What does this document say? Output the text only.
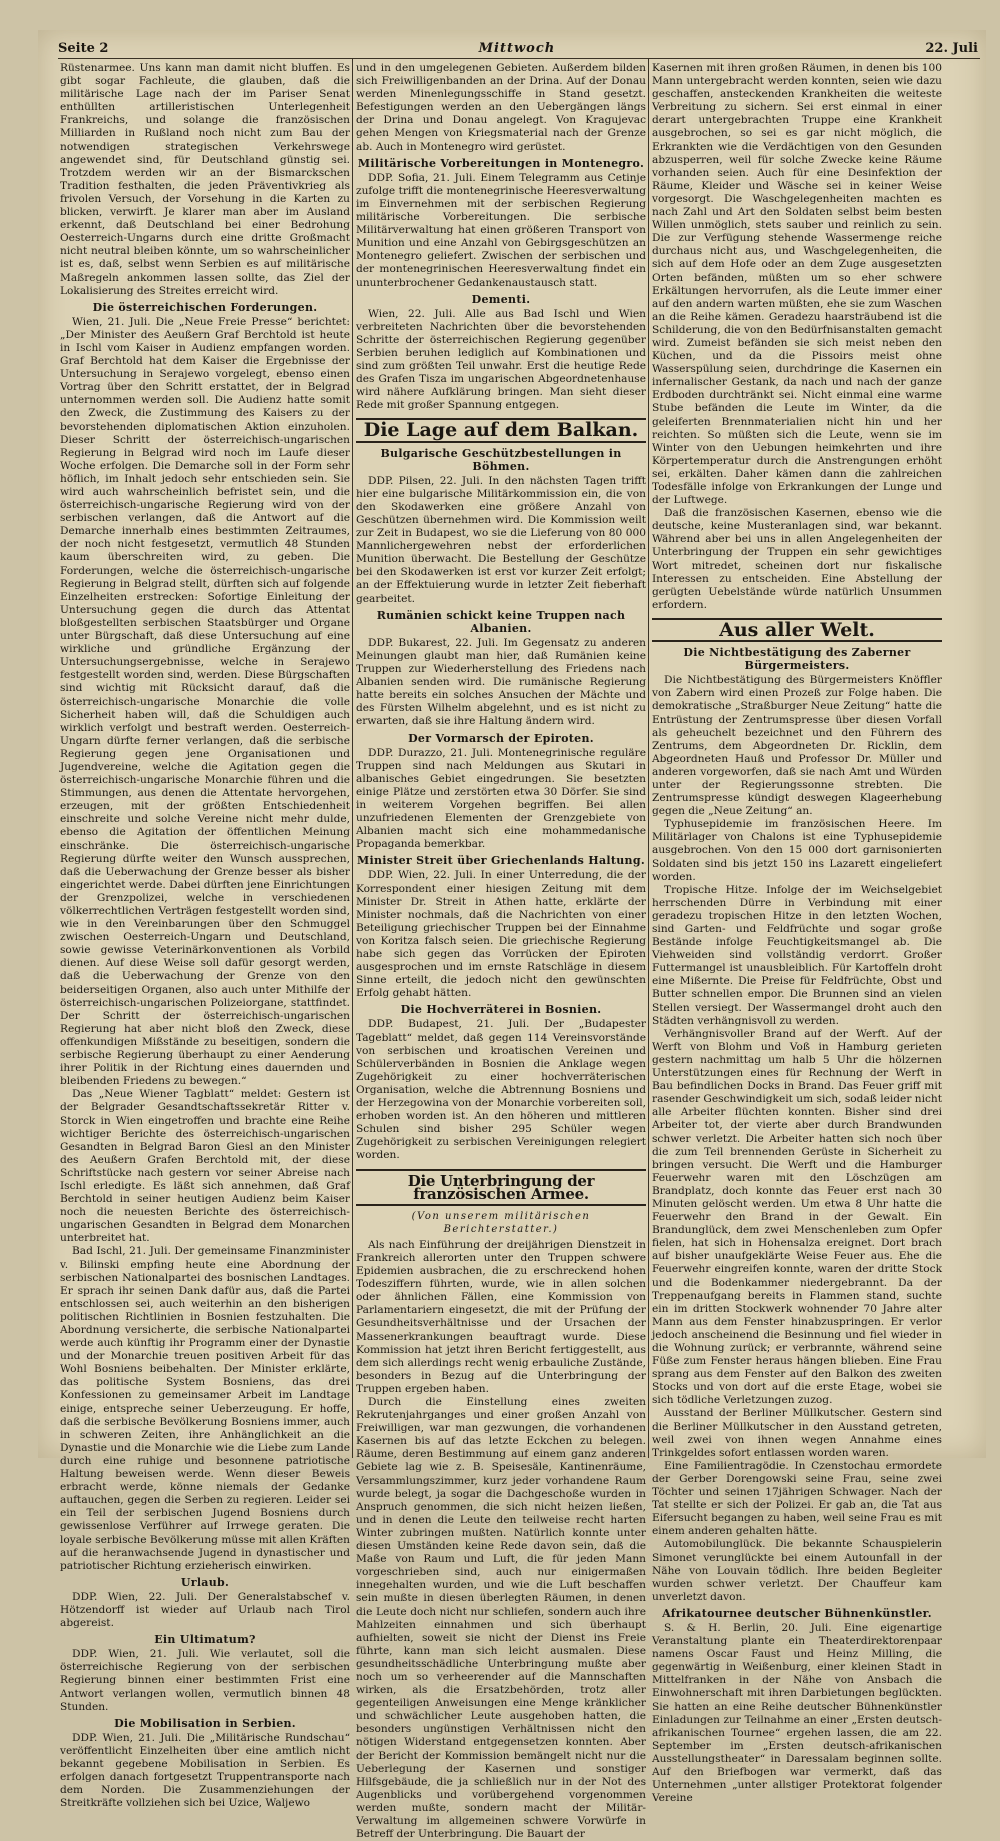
Seite 2	Mittwoch	22. Juli

Rüstenarmee. Uns kann man damit nicht bluffen. Es gibt sogar Fachleute, die glauben, daß die militärische Lage nach der im Pariser Senat enthüllten artilleristischen Unterlegenheit Frankreichs, und solange die französischen Milliarden in Rußland noch nicht zum Bau der notwendigen strategischen Verkehrswege angewendet sind, für Deutschland günstig sei. Trotzdem werden wir an der Bismarckschen Tradition festhalten, die jeden Präventivkrieg als frivolen Versuch, der Vorsehung in die Karten zu blicken, verwirft. Je klarer man aber im Ausland erkennt, daß Deutschland bei einer Bedrohung Oesterreich-Ungarns durch eine dritte Großmacht nicht neutral bleiben könnte, um so wahrscheinlicher ist es, daß, selbst wenn Serbien es auf militärische Maßregeln ankommen lassen sollte, das Ziel der Lokalisierung des Streites erreicht wird.

Die österreichischen Forderungen.

Wien, 21. Juli. Die „Neue Freie Presse“ berichtet: „Der Minister des Aeußern Graf Berchtold ist heute in Ischl vom Kaiser in Audienz empfangen worden. Graf Berchtold hat dem Kaiser die Ergebnisse der Untersuchung in Serajewo vorgelegt, ebenso einen Vortrag über den Schritt erstattet, der in Belgrad unternommen werden soll. Die Audienz hatte somit den Zweck, die Zustimmung des Kaisers zu der bevorstehenden diplomatischen Aktion einzuholen. Dieser Schritt der österreichisch-ungarischen Regierung in Belgrad wird noch im Laufe dieser Woche erfolgen. Die Demarche soll in der Form sehr höflich, im Inhalt jedoch sehr entschieden sein. Sie wird auch wahrscheinlich befristet sein, und die österreichisch-ungarische Regierung wird von der serbischen verlangen, daß die Antwort auf die Demarche innerhalb eines bestimmten Zeitraumes, der noch nicht festgesetzt, vermutlich 48 Stunden kaum überschreiten wird, zu geben. Die Forderungen, welche die österreichisch-ungarische Regierung in Belgrad stellt, dürften sich auf folgende Einzelheiten erstrecken: Sofortige Einleitung der Untersuchung gegen die durch das Attentat bloßgestellten serbischen Staatsbürger und Organe unter Bürgschaft, daß diese Untersuchung auf eine wirkliche und gründliche Ergänzung der Untersuchungsergebnisse, welche in Serajewo festgestellt worden sind, werden. Diese Bürgschaften sind wichtig mit Rücksicht darauf, daß die österreichisch-ungarische Monarchie die volle Sicherheit haben will, daß die Schuldigen auch wirklich verfolgt und bestraft werden. Oesterreich-Ungarn dürfte ferner verlangen, daß die serbische Regierung gegen jene Organisationen und Jugendvereine, welche die Agitation gegen die österreichisch-ungarische Monarchie führen und die Stimmungen, aus denen die Attentate hervorgehen, erzeugen, mit der größten Entschiedenheit einschreite und solche Vereine nicht mehr dulde, ebenso die Agitation der öffentlichen Meinung einschränke. Die österreichisch-ungarische Regierung dürfte weiter den Wunsch aussprechen, daß die Ueberwachung der Grenze besser als bisher eingerichtet werde. Dabei dürften jene Einrichtungen der Grenzpolizei, welche in verschiedenen völkerrechtlichen Verträgen festgestellt worden sind, wie in den Vereinbarungen über den Schmuggel zwischen Oesterreich-Ungarn und Deutschland, sowie gewisse Veterinärkonventionen als Vorbild dienen. Auf diese Weise soll dafür gesorgt werden, daß die Ueberwachung der Grenze von den beiderseitigen Organen, also auch unter Mithilfe der österreichisch-ungarischen Polizeiorgane, stattfindet. Der Schritt der österreichisch-ungarischen Regierung hat aber nicht bloß den Zweck, diese offenkundigen Mißstände zu beseitigen, sondern die serbische Regierung überhaupt zu einer Aenderung ihrer Politik in der Richtung eines dauernden und bleibenden Friedens zu bewegen.“

Das „Neue Wiener Tagblatt“ meldet: Gestern ist der Belgrader Gesandtschaftssekretär Ritter v. Storck in Wien eingetroffen und brachte eine Reihe wichtiger Berichte des österreichisch-ungarischen Gesandten in Belgrad Baron Giesl an den Minister des Aeußern Grafen Berchtold mit, der diese Schriftstücke nach gestern vor seiner Abreise nach Ischl erledigte. Es läßt sich annehmen, daß Graf Berchtold in seiner heutigen Audienz beim Kaiser noch die neuesten Berichte des österreichisch-ungarischen Gesandten in Belgrad dem Monarchen unterbreitet hat.

Bad Ischl, 21. Juli. Der gemeinsame Finanzminister v. Bilinski empfing heute eine Abordnung der serbischen Nationalpartei des bosnischen Landtages. Er sprach ihr seinen Dank dafür aus, daß die Partei entschlossen sei, auch weiterhin an den bisherigen politischen Richtlinien in Bosnien festzuhalten. Die Abordnung versicherte, die serbische Nationalpartei werde auch künftig ihr Programm einer der Dynastie und der Monarchie treuen positiven Arbeit für das Wohl Bosniens beibehalten. Der Minister erklärte, das politische System Bosniens, das drei Konfessionen zu gemeinsamer Arbeit im Landtage einige, entspreche seiner Ueberzeugung. Er hoffe, daß die serbische Bevölkerung Bosniens immer, auch in schweren Zeiten, ihre Anhänglichkeit an die Dynastie und die Monarchie wie die Liebe zum Lande durch eine ruhige und besonnene patriotische Haltung beweisen werde. Wenn dieser Beweis erbracht werde, könne niemals der Gedanke auftauchen, gegen die Serben zu regieren. Leider sei ein Teil der serbischen Jugend Bosniens durch gewissenlose Verführer auf Irrwege geraten. Die loyale serbische Bevölkerung müsse mit allen Kräften auf die heranwachsende Jugend in dynastischer und patriotischer Richtung erzieherisch einwirken.

Urlaub.

DDP. Wien, 22. Juli. Der Generalstabschef v. Hötzendorff ist wieder auf Urlaub nach Tirol abgereist.

Ein Ultimatum?

DDP. Wien, 21. Juli. Wie verlautet, soll die österreichische Regierung von der serbischen Regierung binnen einer bestimmten Frist eine Antwort verlangen wollen, vermutlich binnen 48 Stunden.

Die Mobilisation in Serbien.

DDP. Wien, 21. Juli. Die „Militärische Rundschau“ veröffentlicht Einzelheiten über eine amtlich nicht bekannt gegebene Mobilisation in Serbien. Es erfolgen danach fortgesetzt Truppentransporte nach dem Norden. Die Zusammenziehungen der Streitkräfte vollziehen sich bei Uzice, Waljewo

und in den umgelegenen Gebieten. Außerdem bilden sich Freiwilligenbanden an der Drina. Auf der Donau werden Minenlegungsschiffe in Stand gesetzt. Befestigungen werden an den Uebergängen längs der Drina und Donau angelegt. Von Kragujevac gehen Mengen von Kriegsmaterial nach der Grenze ab. Auch in Montenegro wird gerüstet.

Militärische Vorbereitungen in Montenegro.

DDP. Sofia, 21. Juli. Einem Telegramm aus Cetinje zufolge trifft die montenegrinische Heeresverwaltung im Einvernehmen mit der serbischen Regierung militärische Vorbereitungen. Die serbische Militärverwaltung hat einen größeren Transport von Munition und eine Anzahl von Gebirgsgeschützen an Montenegro geliefert. Zwischen der serbischen und der montenegrinischen Heeresverwaltung findet ein ununterbrochener Gedankenaustausch statt.

Dementi.

Wien, 22. Juli. Alle aus Bad Ischl und Wien verbreiteten Nachrichten über die bevorstehenden Schritte der österreichischen Regierung gegenüber Serbien beruhen lediglich auf Kombinationen und sind zum größten Teil unwahr. Erst die heutige Rede des Grafen Tisza im ungarischen Abgeordnetenhause wird nähere Aufklärung bringen. Man sieht dieser Rede mit großer Spannung entgegen.

Die Lage auf dem Balkan.
Bulgarische Geschützbestellungen in Böhmen.

DDP. Pilsen, 22. Juli. In den nächsten Tagen trifft hier eine bulgarische Militärkommission ein, die von den Skodawerken eine größere Anzahl von Geschützen übernehmen wird. Die Kommission weilt zur Zeit in Budapest, wo sie die Lieferung von 80 000 Mannlichergewehren nebst der erforderlichen Munition überwacht. Die Bestellung der Geschütze bei den Skodawerken ist erst vor kurzer Zeit erfolgt; an der Effektuierung wurde in letzter Zeit fieberhaft gearbeitet.

Rumänien schickt keine Truppen nach Albanien.

DDP. Bukarest, 22. Juli. Im Gegensatz zu anderen Meinungen glaubt man hier, daß Rumänien keine Truppen zur Wiederherstellung des Friedens nach Albanien senden wird. Die rumänische Regierung hatte bereits ein solches Ansuchen der Mächte und des Fürsten Wilhelm abgelehnt, und es ist nicht zu erwarten, daß sie ihre Haltung ändern wird.

Der Vormarsch der Epiroten.

DDP. Durazzo, 21. Juli. Montenegrinische reguläre Truppen sind nach Meldungen aus Skutari in albanisches Gebiet eingedrungen. Sie besetzten einige Plätze und zerstörten etwa 30 Dörfer. Sie sind in weiterem Vorgehen begriffen. Bei allen unzufriedenen Elementen der Grenzgebiete von Albanien macht sich eine mohammedanische Propaganda bemerkbar.

Minister Streit über Griechenlands Haltung.

DDP. Wien, 22. Juli. In einer Unterredung, die der Korrespondent einer hiesigen Zeitung mit dem Minister Dr. Streit in Athen hatte, erklärte der Minister nochmals, daß die Nachrichten von einer Beteiligung griechischer Truppen bei der Einnahme von Koritza falsch seien. Die griechische Regierung habe sich gegen das Vorrücken der Epiroten ausgesprochen und im ernste Ratschläge in diesem Sinne erteilt, die jedoch nicht den gewünschten Erfolg gehabt hätten.

Die Hochverräterei in Bosnien.

DDP. Budapest, 21. Juli. Der „Budapester Tageblatt“ meldet, daß gegen 114 Vereinsvorstände von serbischen und kroatischen Vereinen und Schülerverbänden in Bosnien die Anklage wegen Zugehörigkeit zu einer hochverräterischen Organisation, welche die Abtrennung Bosniens und der Herzegowina von der Monarchie vorbereiten soll, erhoben worden ist. An den höheren und mittleren Schulen sind bisher 295 Schüler wegen Zugehörigkeit zu serbischen Vereinigungen relegiert worden.

Die Unterbringung der französischen Armee.
(Von unserem militärischen Berichterstatter.)

Als nach Einführung der dreijährigen Dienstzeit in Frankreich allerorten unter den Truppen schwere Epidemien ausbrachen, die zu erschreckend hohen Todesziffern führten, wurde, wie in allen solchen oder ähnlichen Fällen, eine Kommission von Parlamentariern eingesetzt, die mit der Prüfung der Gesundheitsverhältnisse und der Ursachen der Massenerkrankungen beauftragt wurde. Diese Kommission hat jetzt ihren Bericht fertiggestellt, aus dem sich allerdings recht wenig erbauliche Zustände, besonders in Bezug auf die Unterbringung der Truppen ergeben haben.

Durch die Einstellung eines zweiten Rekrutenjahrganges und einer großen Anzahl von Freiwilligen, war man gezwungen, die vorhandenen Kasernen bis auf das letzte Eckchen zu belegen. Räume, deren Bestimmung auf einem ganz anderen Gebiete lag wie z. B. Speisesäle, Kantinenräume, Versammlungszimmer, kurz jeder vorhandene Raum wurde belegt, ja sogar die Dachgeschoße wurden in Anspruch genommen, die sich nicht heizen ließen, und in denen die Leute den teilweise recht harten Winter zubringen mußten. Natürlich konnte unter diesen Umständen keine Rede davon sein, daß die Maße von Raum und Luft, die für jeden Mann vorgeschrieben sind, auch nur einigermaßen innegehalten wurden, und wie die Luft beschaffen sein mußte in diesen überlegten Räumen, in denen die Leute doch nicht nur schliefen, sondern auch ihre Mahlzeiten einnahmen und sich überhaupt aufhielten, soweit sie nicht der Dienst ins Freie führte, kann man sich leicht ausmalen. Diese gesundheitsschädliche Unterbringung mußte aber noch um so verheerender auf die Mannschaften wirken, als die Ersatzbehörden, trotz aller gegenteiligen Anweisungen eine Menge kränklicher und schwächlicher Leute ausgehoben hatten, die besonders ungünstigen Verhältnissen nicht den nötigen Widerstand entgegensetzen konnten. Aber der Bericht der Kommission bemängelt nicht nur die Ueberlegung der Kasernen und sonstiger Hilfsgebäude, die ja schließlich nur in der Not des Augenblicks und vorübergehend vorgenommen werden mußte, sondern macht der Militär-Verwaltung im allgemeinen schwere Vorwürfe in Betreff der Unterbringung. Die Bauart der

Kasernen mit ihren großen Räumen, in denen bis 100 Mann untergebracht werden konnten, seien wie dazu geschaffen, ansteckenden Krankheiten die weiteste Verbreitung zu sichern. Sei erst einmal in einer derart untergebrachten Truppe eine Krankheit ausgebrochen, so sei es gar nicht möglich, die Erkrankten wie die Verdächtigen von den Gesunden abzusperren, weil für solche Zwecke keine Räume vorhanden seien. Auch für eine Desinfektion der Räume, Kleider und Wäsche sei in keiner Weise vorgesorgt. Die Waschgelegenheiten machten es nach Zahl und Art den Soldaten selbst beim besten Willen unmöglich, stets sauber und reinlich zu sein. Die zur Verfügung stehende Wassermenge reiche durchaus nicht aus, und Waschgelegenheiten, die sich auf dem Hofe oder an dem Zuge ausgesetzten Orten befänden, müßten um so eher schwere Erkältungen hervorrufen, als die Leute immer einer auf den andern warten müßten, ehe sie zum Waschen an die Reihe kämen. Geradezu haarsträubend ist die Schilderung, die von den Bedürfnisanstalten gemacht wird. Zumeist befänden sie sich meist neben den Küchen, und da die Pissoirs meist ohne Wasserspülung seien, durchdringe die Kasernen ein infernalischer Gestank, da nach und nach der ganze Erdboden durchtränkt sei. Nicht einmal eine warme Stube befänden die Leute im Winter, da die geleiferten Brennmaterialien nicht hin und her reichten. So müßten sich die Leute, wenn sie im Winter von den Uebungen heimkehrten und ihre Körpertemperatur durch die Anstrengungen erhöht sei, erkälten. Daher kämen dann die zahlreichen Todesfälle infolge von Erkrankungen der Lunge und der Luftwege.

Daß die französischen Kasernen, ebenso wie die deutsche, keine Musteranlagen sind, war bekannt. Während aber bei uns in allen Angelegenheiten der Unterbringung der Truppen ein sehr gewichtiges Wort mitredet, scheinen dort nur fiskalische Interessen zu entscheiden. Eine Abstellung der gerügten Uebelstände würde natürlich Unsummen erfordern.

Aus aller Welt.
Die Nichtbestätigung des Zaberner Bürgermeisters.

Die Nichtbestätigung des Bürgermeisters Knöffler von Zabern wird einen Prozeß zur Folge haben. Die demokratische „Straßburger Neue Zeitung“ hatte die Entrüstung der Zentrumspresse über diesen Vorfall als geheuchelt bezeichnet und den Führern des Zentrums, dem Abgeordneten Dr. Ricklin, dem Abgeordneten Hauß und Professor Dr. Müller und anderen vorgeworfen, daß sie nach Amt und Würden unter der Regierungssonne strebten. Die Zentrumspresse kündigt deswegen Klageerhebung gegen die „Neue Zeitung“ an.

Typhusepidemie im französischen Heere. Im Militärlager von Chalons ist eine Typhusepidemie ausgebrochen. Von den 15 000 dort garnisonierten Soldaten sind bis jetzt 150 ins Lazarett eingeliefert worden.

Tropische Hitze. Infolge der im Weichselgebiet herrschenden Dürre in Verbindung mit einer geradezu tropischen Hitze in den letzten Wochen, sind Garten- und Feldfrüchte und sogar große Bestände infolge Feuchtigkeitsmangel ab. Die Viehweiden sind vollständig verdorrt. Großer Futtermangel ist unausbleiblich. Für Kartoffeln droht eine Mißernte. Die Preise für Feldfrüchte, Obst und Butter schnellen empor. Die Brunnen sind an vielen Stellen versiegt. Der Wassermangel droht auch den Städten verhängnisvoll zu werden.

Verhängnisvoller Brand auf der Werft. Auf der Werft von Blohm und Voß in Hamburg gerieten gestern nachmittag um halb 5 Uhr die hölzernen Unterstützungen eines für Rechnung der Werft in Bau befindlichen Docks in Brand. Das Feuer griff mit rasender Geschwindigkeit um sich, sodaß leider nicht alle Arbeiter flüchten konnten. Bisher sind drei Arbeiter tot, der vierte aber durch Brandwunden schwer verletzt. Die Arbeiter hatten sich noch über die zum Teil brennenden Gerüste in Sicherheit zu bringen versucht. Die Werft und die Hamburger Feuerwehr waren mit den Löschzügen am Brandplatz, doch konnte das Feuer erst nach 30 Minuten gelöscht werden. Um etwa 8 Uhr hatte die Feuerwehr den Brand in der Gewalt. Ein Brandunglück, dem zwei Menschenleben zum Opfer fielen, hat sich in Hohensalza ereignet. Dort brach auf bisher unaufgeklärte Weise Feuer aus. Ehe die Feuerwehr eingreifen konnte, waren der dritte Stock und die Bodenkammer niedergebrannt. Da der Treppenaufgang bereits in Flammen stand, suchte ein im dritten Stockwerk wohnender 70 Jahre alter Mann aus dem Fenster hinabzuspringen. Er verlor jedoch anscheinend die Besinnung und fiel wieder in die Wohnung zurück; er verbrannte, während seine Füße zum Fenster heraus hängen blieben. Eine Frau sprang aus dem Fenster auf den Balkon des zweiten Stocks und von dort auf die erste Etage, wobei sie sich tödliche Verletzungen zuzog.

Ausstand der Berliner Müllkutscher. Gestern sind die Berliner Müllkutscher in den Ausstand getreten, weil zwei von ihnen wegen Annahme eines Trinkgeldes sofort entlassen worden waren.

Eine Familientragödie. In Czenstochau ermordete der Gerber Dorengowski seine Frau, seine zwei Töchter und seinen 17jährigen Schwager. Nach der Tat stellte er sich der Polizei. Er gab an, die Tat aus Eifersucht begangen zu haben, weil seine Frau es mit einem anderen gehalten hätte.

Automobilunglück. Die bekannte Schauspielerin Simonet verunglückte bei einem Autounfall in der Nähe von Louvain tödlich. Ihre beiden Begleiter wurden schwer verletzt. Der Chauffeur kam unverletzt davon.

Afrikatournee deutscher Bühnenkünstler.

S. & H. Berlin, 20. Juli. Eine eigenartige Veranstaltung plante ein Theaterdirektorenpaar namens Oscar Faust und Heinz Milling, die gegenwärtig in Weißenburg, einer kleinen Stadt in Mittelfranken in der Nähe von Ansbach die Einwohnerschaft mit ihren Darbietungen beglückten. Sie hatten an eine Reihe deutscher Bühnenkünstler Einladungen zur Teilnahme an einer „Ersten deutsch-afrikanischen Tournee“ ergehen lassen, die am 22. September im „Ersten deutsch-afrikanischen Ausstellungstheater“ in Daressalam beginnen sollte. Auf den Briefbogen war vermerkt, daß das Unternehmen „unter allstiger Protektorat folgender Vereine
